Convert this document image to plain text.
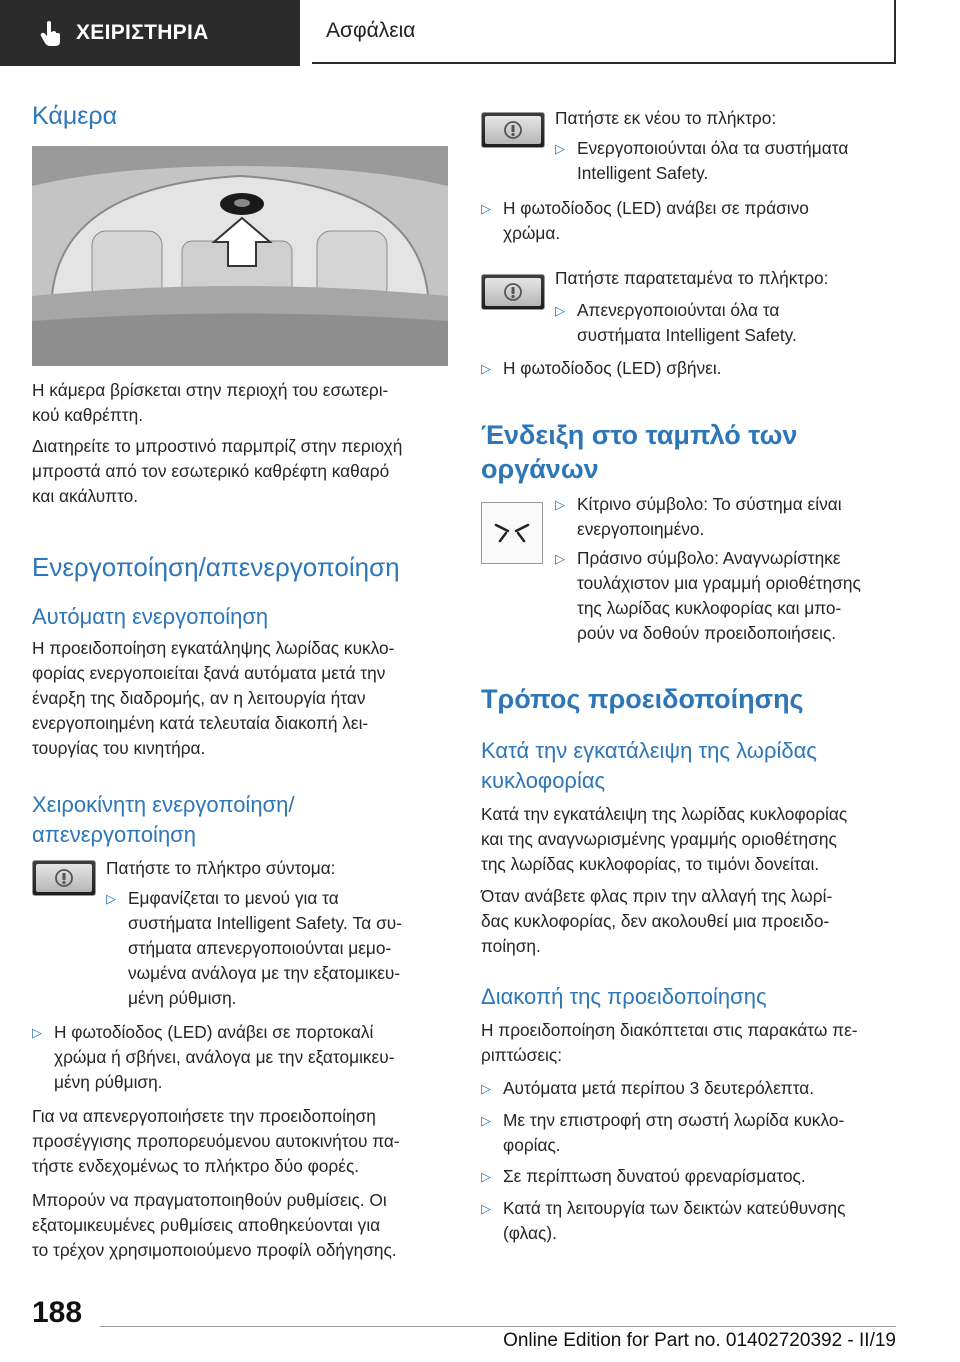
ΧΕΙΡΙΣΤΗΡΙΑ	Ασφάλεια
Κάμερα

Η κάμερα βρίσκεται στην περιοχή του εσωτερι-
κού καθρέπτη.

Διατηρείτε το μπροστινό παρμπρίζ στην περιοχή
μπροστά από τον εσωτερικό καθρέφτη καθαρό
και ακάλυπτο.

Ενεργοποίηση/απενεργοποίηση
Αυτόματη ενεργοποίηση

Η προειδοποίηση εγκατάληψης λωρίδας κυκλο-
φορίας ενεργοποιείται ξανά αυτόματα μετά την
έναρξη της διαδρομής, αν η λειτουργία ήταν
ενεργοποιημένη κατά τελευταία διακοπή λει-
τουργίας του κινητήρα.

Χειροκίνητη ενεργοποίηση/
απενεργοποίηση

Πατήστε το πλήκτρο σύντομα:

▷ Εμφανίζεται το μενού για τα
συστήματα Intelligent Safety. Τα συ-
στήματα απενεργοποιούνται μεμο-
νωμένα ανάλογα με την εξατομικευ-
μένη ρύθμιση.

▷ Η φωτοδίοδος (LED) ανάβει σε πορτοκαλί
χρώμα ή σβήνει, ανάλογα με την εξατομικευ-
μένη ρύθμιση.

Για να απενεργοποιήσετε την προειδοποίηση
προσέγγισης προπορευόμενου αυτοκινήτου πα-
τήστε ενδεχομένως το πλήκτρο δύο φορές.

Μπορούν να πραγματοποιηθούν ρυθμίσεις. Οι
εξατομικευμένες ρυθμίσεις αποθηκεύονται για
το τρέχον χρησιμοποιούμενο προφίλ οδήγησης.

Πατήστε εκ νέου το πλήκτρο:

▷ Ενεργοποιούνται όλα τα συστήματα
Intelligent Safety.

▷ Η φωτοδίοδος (LED) ανάβει σε πράσινο
χρώμα.

Πατήστε παρατεταμένα το πλήκτρο:

▷ Απενεργοποιούνται όλα τα
συστήματα Intelligent Safety.

▷ Η φωτοδίοδος (LED) σβήνει.

Ένδειξη στο ταμπλό των
οργάνων
▷ Κίτρινο σύμβολο: Το σύστημα είναι
ενεργοποιημένο.

▷ Πράσινο σύμβολο: Αναγνωρίστηκε
τουλάχιστον μια γραμμή οριοθέτησης
της λωρίδας κυκλοφορίας και μπο-
ρούν να δοθούν προειδοποιήσεις.

Τρόπος προειδοποίησης
Κατά την εγκατάλειψη της λωρίδας
κυκλοφορίας

Κατά την εγκατάλειψη της λωρίδας κυκλοφορίας
και της αναγνωρισμένης γραμμής οριοθέτησης
της λωρίδας κυκλοφορίας, το τιμόνι δονείται.

Όταν ανάβετε φλας πριν την αλλαγή της λωρί-
δας κυκλοφορίας, δεν ακολουθεί μια προειδο-
ποίηση.

Διακοπή της προειδοποίησης

Η προειδοποίηση διακόπτεται στις παρακάτω πε-
ριπτώσεις:

▷ Αυτόματα μετά περίπου 3 δευτερόλεπτα.

▷ Με την επιστροφή στη σωστή λωρίδα κυκλο-
φορίας.

▷ Σε περίπτωση δυνατού φρεναρίσματος.

▷ Κατά τη λειτουργία των δεικτών κατεύθυνσης
(φλας).

188
Online Edition for Part no. 01402720392 - II/19
